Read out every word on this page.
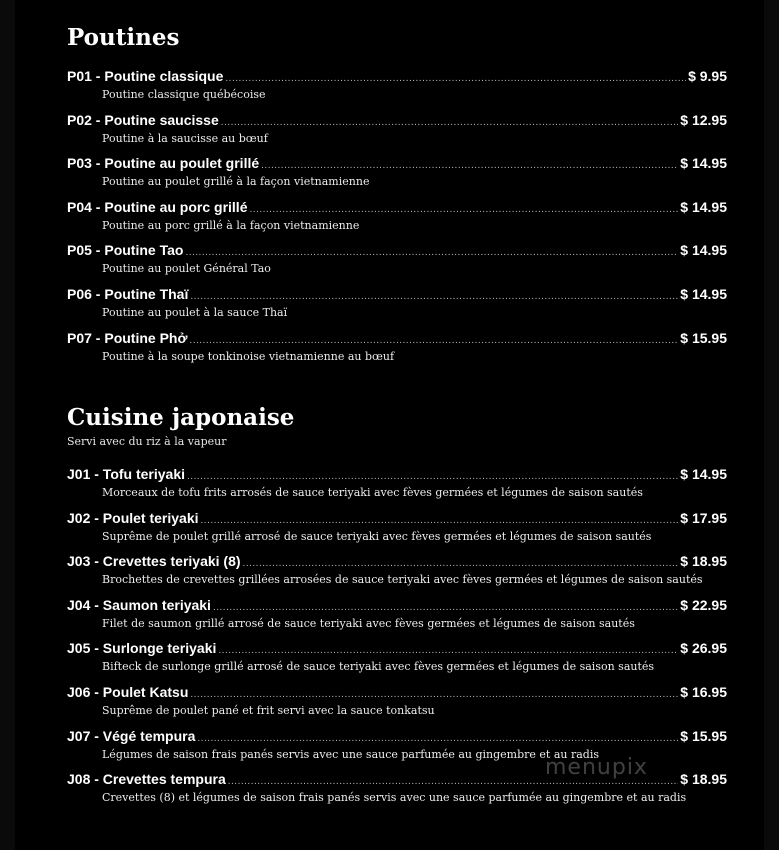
Poutines
P01 - Poutine classique .....	$ 9.95
Poutine classique québécoise
P02 - Poutine saucisse .....	$ 12.95
Poutine à la saucisse au bœuf
P03 - Poutine au poulet grillé .....	$ 14.95
Poutine au poulet grillé à la façon vietnamienne
P04 - Poutine au porc grillé .....	$ 14.95
Poutine au porc grillé à la façon vietnamienne
P05 - Poutine Tao .....	$ 14.95
Poutine au poulet Général Tao
P06 - Poutine Thaï .....	$ 14.95
Poutine au poulet à la sauce Thaï
P07 - Poutine Phở .....	$ 15.95
Poutine à la soupe tonkinoise vietnamienne au bœuf
Cuisine japonaise
Servi avec du riz à la vapeur
J01 - Tofu teriyaki .....	$ 14.95
Morceaux de tofu frits arrosés de sauce teriyaki avec fèves germées et légumes de saison sautés
J02 - Poulet teriyaki .....	$ 17.95
Suprême de poulet grillé arrosé de sauce teriyaki avec fèves germées et légumes de saison sautés
J03 - Crevettes teriyaki (8) .....	$ 18.95
Brochettes de crevettes grillées arrosées de sauce teriyaki avec fèves germées et légumes de saison sautés
J04 - Saumon teriyaki .....	$ 22.95
Filet de saumon grillé arrosé de sauce teriyaki avec fèves germées et légumes de saison sautés
J05 - Surlonge teriyaki .....	$ 26.95
Bifteck de surlonge grillé arrosé de sauce teriyaki avec fèves germées et légumes de saison sautés
J06 - Poulet Katsu .....	$ 16.95
Suprême de poulet pané et frit servi avec la sauce tonkatsu
J07 - Végé tempura .....	$ 15.95
Légumes de saison frais panés servis avec une sauce parfumée au gingembre et au radis
J08 - Crevettes tempura .....	$ 18.95
Crevettes (8) et légumes de saison frais panés servis avec une sauce parfumée au gingembre et au radis
menupix
